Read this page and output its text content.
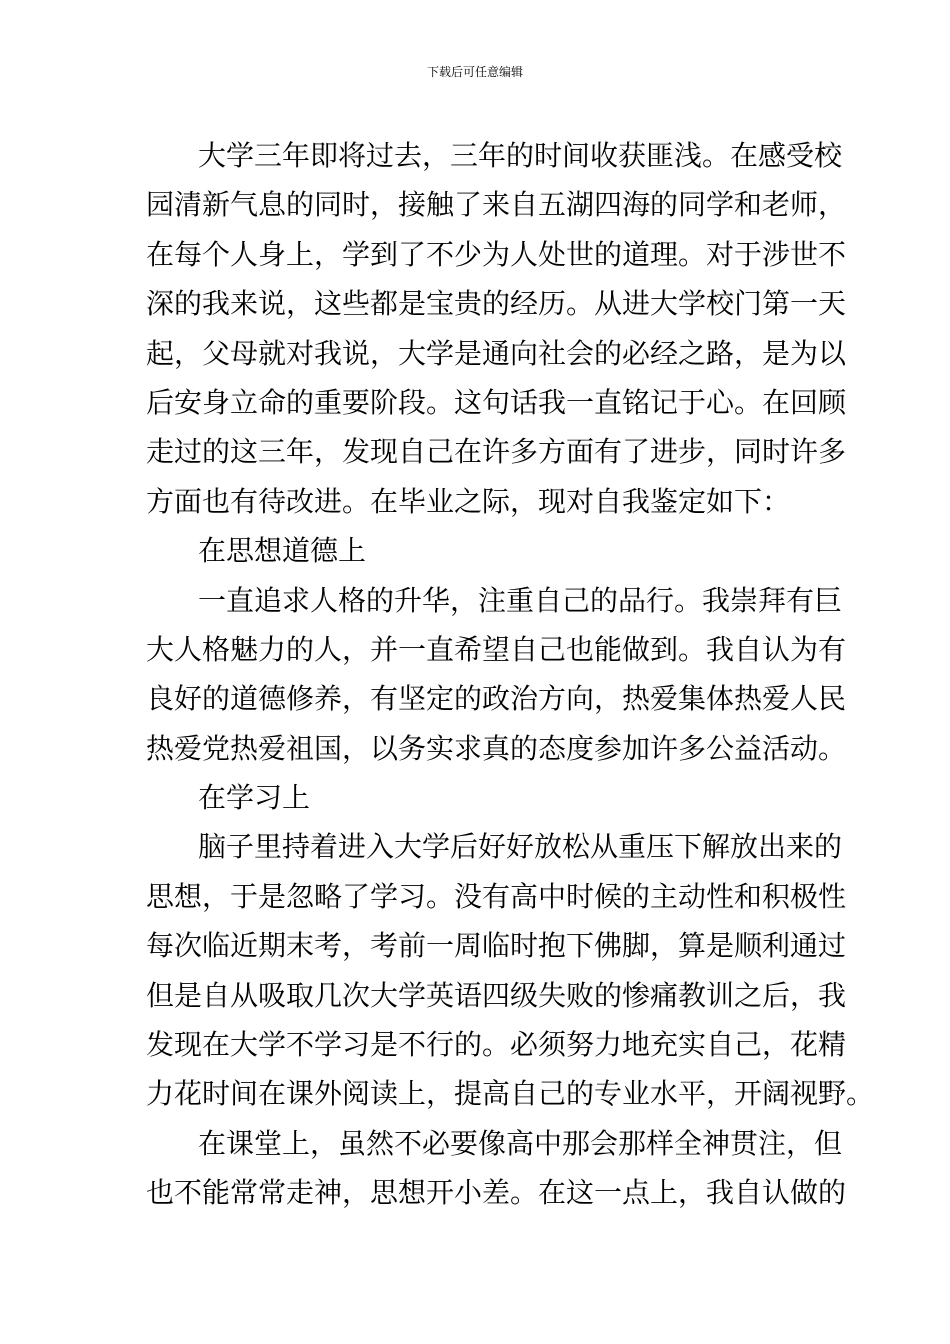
下载后可任意编辑
大学三年即将过去，三年的时间收获匪浅。在感受校
园清新气息的同时，接触了来自五湖四海的同学和老师，
在每个人身上，学到了不少为人处世的道理。对于涉世不
深的我来说，这些都是宝贵的经历。从进大学校门第一天
起，父母就对我说，大学是通向社会的必经之路，是为以
后安身立命的重要阶段。这句话我一直铭记于心。在回顾
走过的这三年，发现自己在许多方面有了进步，同时许多
方面也有待改进。在毕业之际，现对自我鉴定如下：
在思想道德上
一直追求人格的升华，注重自己的品行。我崇拜有巨
大人格魅力的人，并一直希望自己也能做到。我自认为有
良好的道德修养，有坚定的政治方向，热爱集体热爱人民
热爱党热爱祖国，以务实求真的态度参加许多公益活动。
在学习上
脑子里持着进入大学后好好放松从重压下解放出来的
思想，于是忽略了学习。没有高中时候的主动性和积极性
每次临近期末考，考前一周临时抱下佛脚，算是顺利通过
但是自从吸取几次大学英语四级失败的惨痛教训之后，我
发现在大学不学习是不行的。必须努力地充实自己，花精
力花时间在课外阅读上，提高自己的专业水平，开阔视野。
在课堂上，虽然不必要像高中那会那样全神贯注，但
也不能常常走神，思想开小差。在这一点上，我自认做的
